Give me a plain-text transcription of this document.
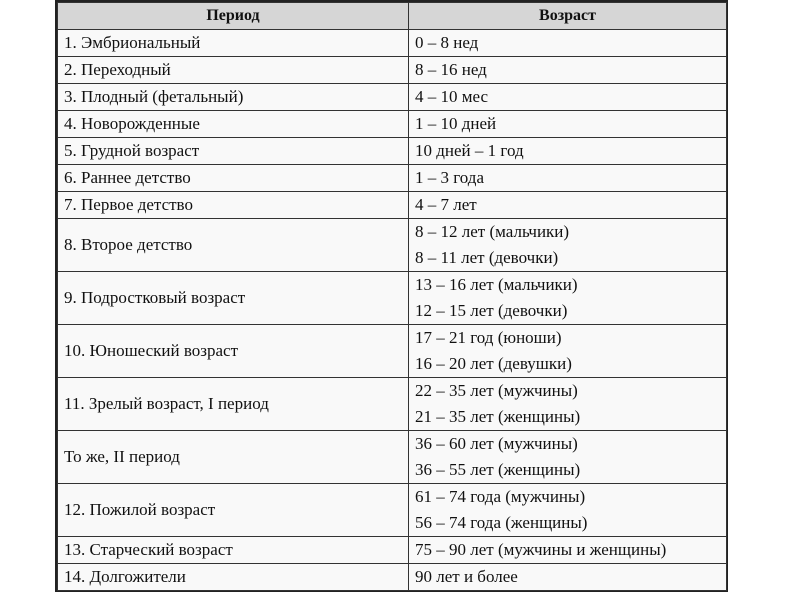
Период	Возраст
1. Эмбриональный	0 – 8 нед

2. Переходный	8 – 16 нед

3. Плодный (фетальный)	4 – 10 мес

4. Новорожденные	1 – 10 дней

5. Грудной возраст	10 дней – 1 год

6. Раннее детство	1 – 3 года

7. Первое детство	4 – 7 лет

8. Второе детство	8 – 12 лет (мальчики)
8 – 11 лет (девочки)

9. Подростковый возраст	13 – 16 лет (мальчики)
12 – 15 лет (девочки)

10. Юношеский возраст	17 – 21 год (юноши)
16 – 20 лет (девушки)

11. Зрелый возраст, I период	22 – 35 лет (мужчины)
21 – 35 лет (женщины)

То же, II период	36 – 60 лет (мужчины)
36 – 55 лет (женщины)

12. Пожилой возраст	61 – 74 года (мужчины)
56 – 74 года (женщины)

13. Старческий возраст	75 – 90 лет (мужчины и женщины)

14. Долгожители	90 лет и более
